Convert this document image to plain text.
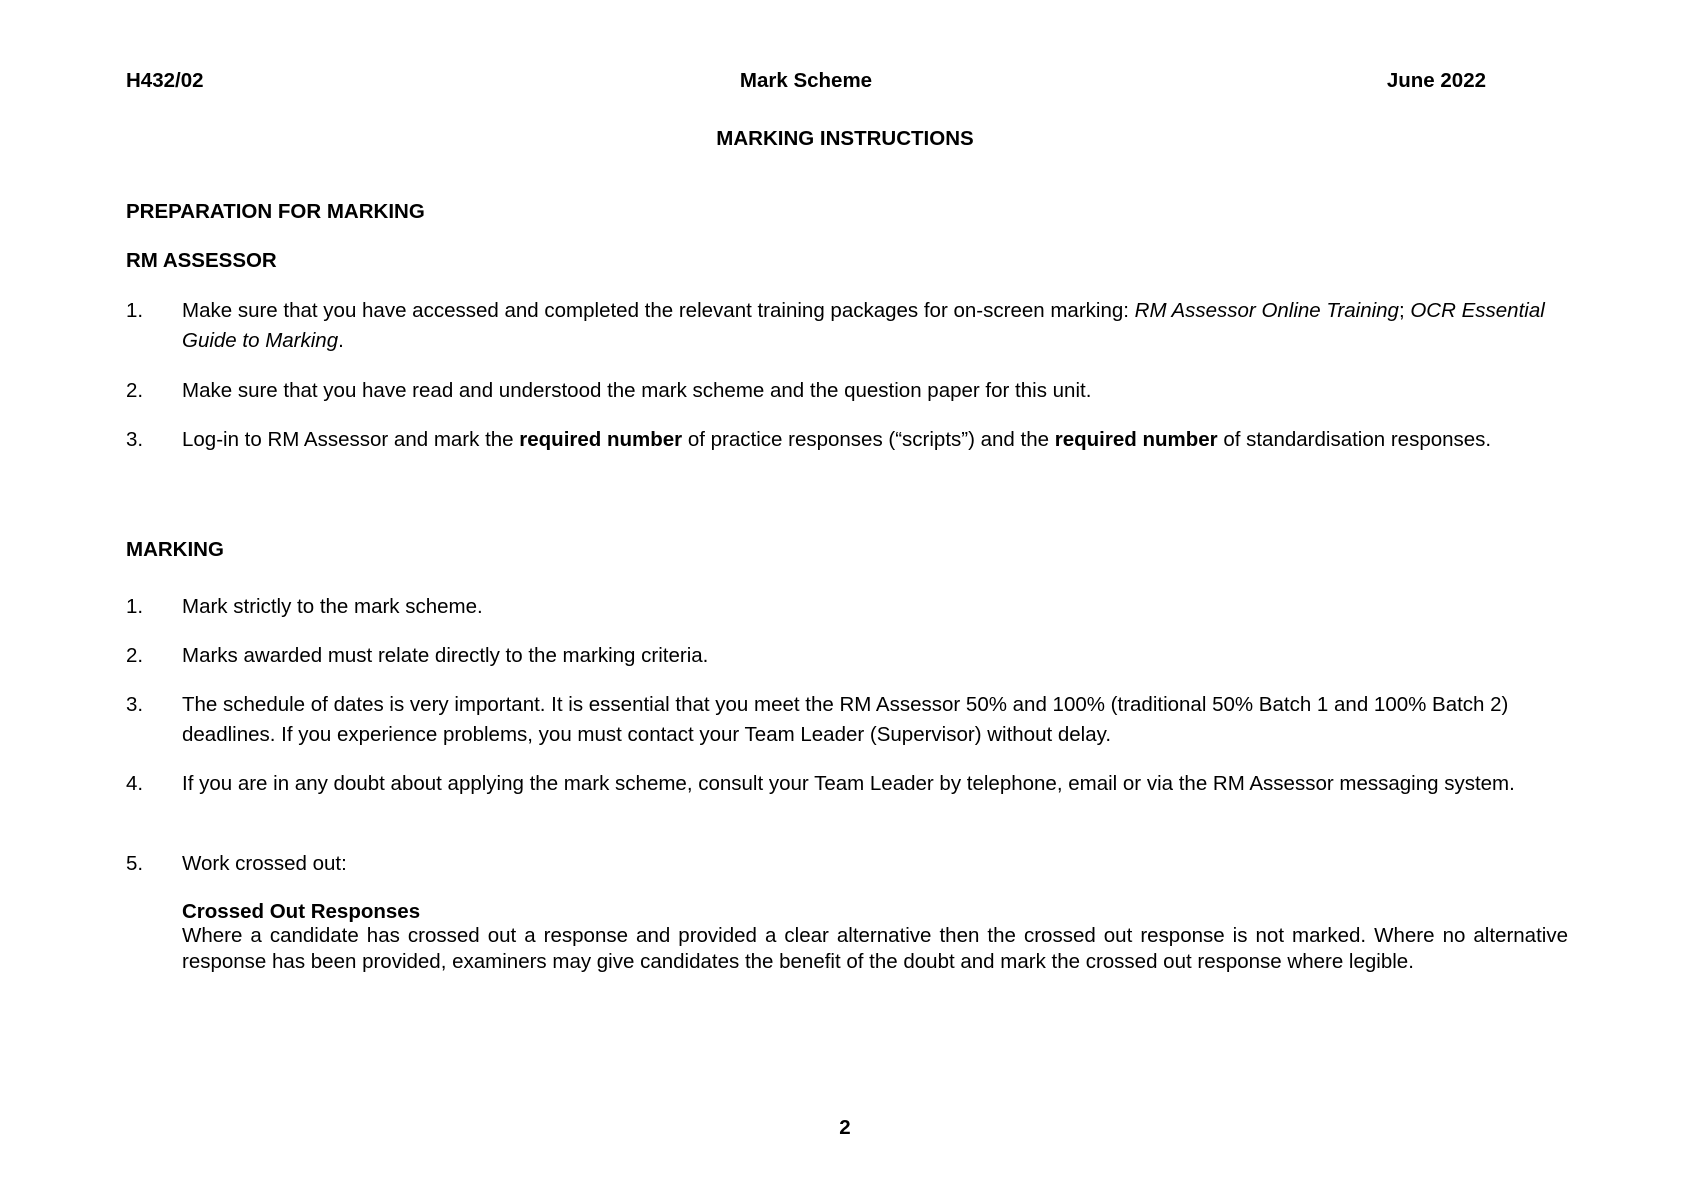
H432/02	Mark Scheme	June 2022
MARKING INSTRUCTIONS
PREPARATION FOR MARKING
RM ASSESSOR
1. Make sure that you have accessed and completed the relevant training packages for on-screen marking: RM Assessor Online Training; OCR Essential Guide to Marking.
2. Make sure that you have read and understood the mark scheme and the question paper for this unit.
3. Log-in to RM Assessor and mark the required number of practice responses (“scripts”) and the required number of standardisation responses.
MARKING
1. Mark strictly to the mark scheme.
2. Marks awarded must relate directly to the marking criteria.
3. The schedule of dates is very important. It is essential that you meet the RM Assessor 50% and 100% (traditional 50% Batch 1 and 100% Batch 2) deadlines. If you experience problems, you must contact your Team Leader (Supervisor) without delay.
4. If you are in any doubt about applying the mark scheme, consult your Team Leader by telephone, email or via the RM Assessor messaging system.
5. Work crossed out:
Crossed Out Responses
Where a candidate has crossed out a response and provided a clear alternative then the crossed out response is not marked. Where no alternative response has been provided, examiners may give candidates the benefit of the doubt and mark the crossed out response where legible.
2
